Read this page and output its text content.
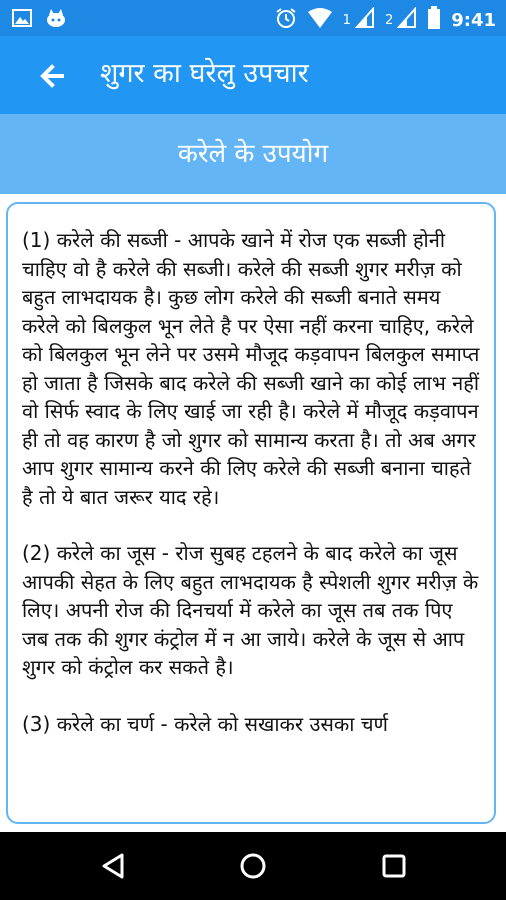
1	2	9:41
शुगर का घरेलु उपचार
करेले के उपयोग

(1) करेले की सब्जी - आपके खाने में रोज एक सब्जी होनी चाहिए वो है करेले की सब्जी। करेले की सब्जी शुगर मरीज़ को बहुत लाभदायक है। कुछ लोग करेले की सब्जी बनाते समय करेले को बिलकुल भून लेते है पर ऐसा नहीं करना चाहिए, करेले को बिलकुल भून लेने पर उसमे मौजूद कड़वापन बिलकुल समाप्त हो जाता है जिसके बाद करेले की सब्जी खाने का कोई लाभ नहीं वो सिर्फ स्वाद के लिए खाई जा रही है। करेले में मौजूद कड़वापन ही तो वह कारण है जो शुगर को सामान्य करता है। तो अब अगर आप शुगर सामान्य करने की लिए करेले की सब्जी बनाना चाहते है तो ये बात जरूर याद रहे।

(2) करेले का जूस - रोज सुबह टहलने के बाद करेले का जूस आपकी सेहत के लिए बहुत लाभदायक है स्पेशली शुगर मरीज़ के लिए। अपनी रोज की दिनचर्या में करेले का जूस तब तक पिए जब तक की शुगर कंट्रोल में न आ जाये। करेले के जूस से आप शुगर को कंट्रोल कर सकते है।

(3) करेले का चर्ण - करेले को सखाकर उसका चर्ण
